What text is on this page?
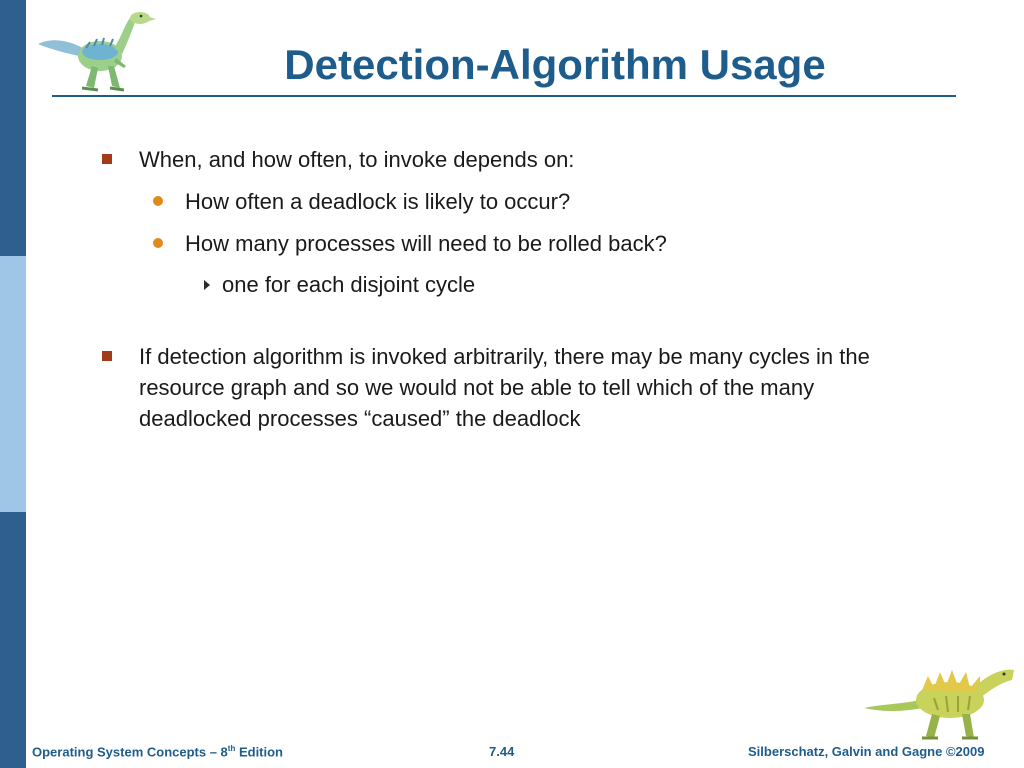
Detection-Algorithm Usage
When, and how often, to invoke depends on:
How often a deadlock is likely to occur?
How many processes will need to be rolled back?
one for each disjoint cycle
If detection algorithm is invoked arbitrarily, there may be many cycles in the
resource graph and so we would not be able to tell which of the many
deadlocked processes “caused” the deadlock
Operating System Concepts – 8th Edition	7.44	Silberschatz, Galvin and Gagne ©2009
